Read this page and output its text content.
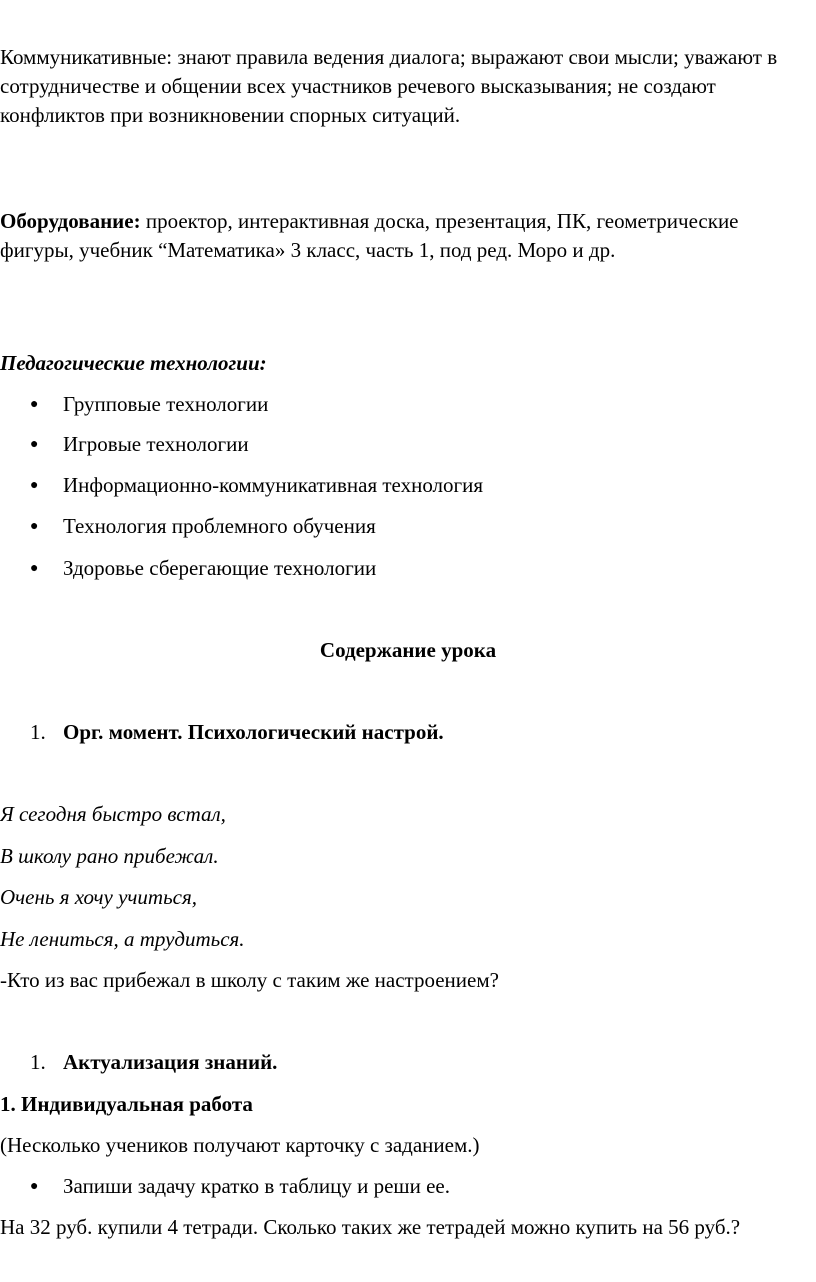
Коммуникативные: знают правила ведения диалога; выражают свои мысли; уважают в сотрудничестве и общении всех участников речевого высказывания; не создают конфликтов при возникновении спорных ситуаций.

Оборудование: проектор, интерактивная доска, презентация, ПК, геометрические фигуры, учебник “Математика» 3 класс, часть 1, под ред. Моро и др.

Педагогические технологии:
● Групповые технологии
● Игровые технологии
● Информационно-коммуникативная технология
● Технология проблемного обучения
● Здоровье сберегающие технологии
Содержание урока
1. Орг. момент. Психологический настрой.
Я сегодня быстро встал,
В школу рано прибежал.
Очень я хочу учиться,
Не лениться, а трудиться.
-Кто из вас прибежал в школу с таким же настроением?
1. Актуализация знаний.
1. Индивидуальная работа
(Несколько учеников получают карточку с заданием.)
● Запиши задачу кратко в таблицу и реши ее.

На 32 руб. купили 4 тетради. Сколько таких же тетрадей можно купить на 56 руб.?
